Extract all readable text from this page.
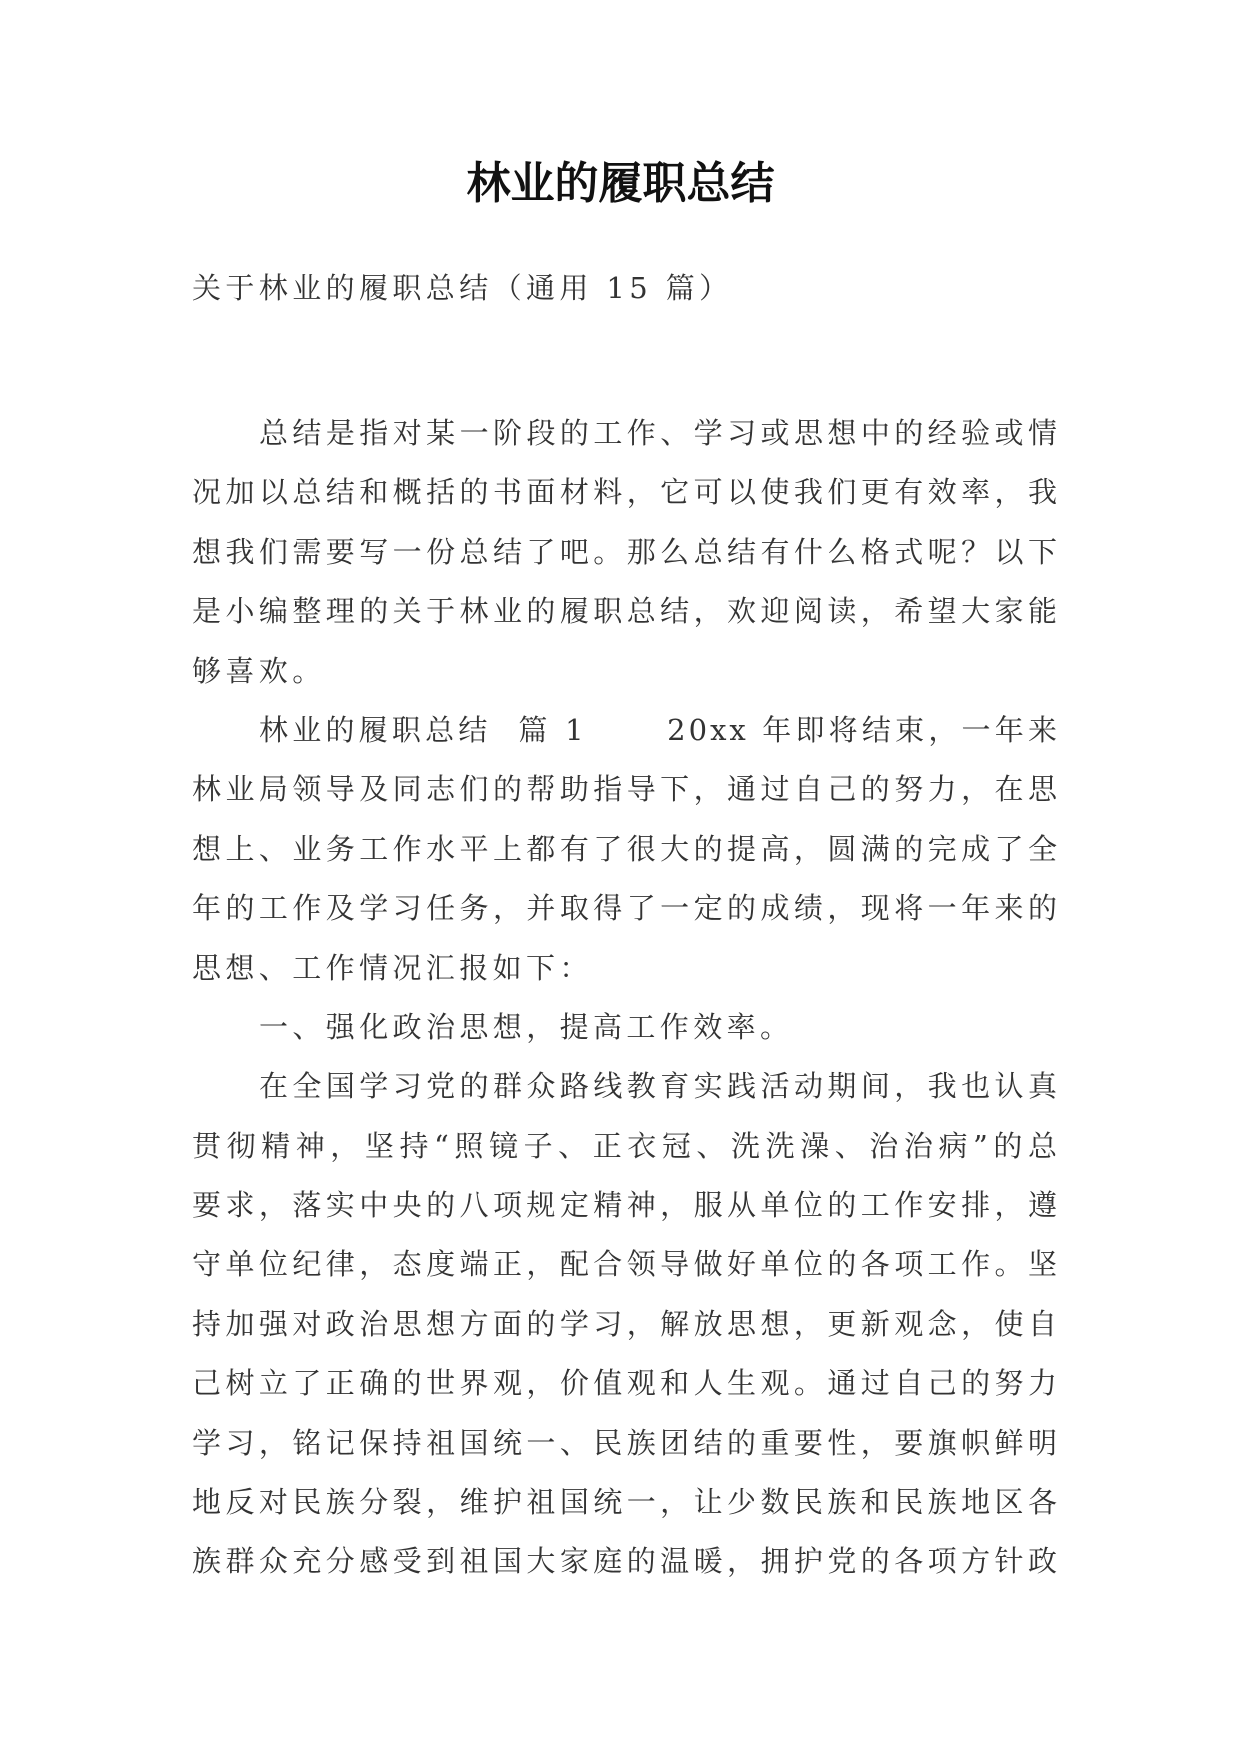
林业的履职总结
关于林业的履职总结（通用 15 篇）
总结是指对某一阶段的工作、学习或思想中的经验或情
况加以总结和概括的书面材料，它可以使我们更有效率，我
想我们需要写一份总结了吧。那么总结有什么格式呢？以下
是小编整理的关于林业的履职总结，欢迎阅读，希望大家能
够喜欢。
林业的履职总结  篇 1      20xx 年即将结束，一年来
林业局领导及同志们的帮助指导下，通过自己的努力，在思
想上、业务工作水平上都有了很大的提高，圆满的完成了全
年的工作及学习任务，并取得了一定的成绩，现将一年来的
思想、工作情况汇报如下：
一、强化政治思想，提高工作效率。
在全国学习党的群众路线教育实践活动期间，我也认真
贯彻精神，坚持“照镜子、正衣冠、洗洗澡、治治病”的总
要求，落实中央的八项规定精神，服从单位的工作安排，遵
守单位纪律，态度端正，配合领导做好单位的各项工作。坚
持加强对政治思想方面的学习，解放思想，更新观念，使自
己树立了正确的世界观，价值观和人生观。通过自己的努力
学习，铭记保持祖国统一、民族团结的重要性，要旗帜鲜明
地反对民族分裂，维护祖国统一，让少数民族和民族地区各
族群众充分感受到祖国大家庭的温暖，拥护党的各项方针政
